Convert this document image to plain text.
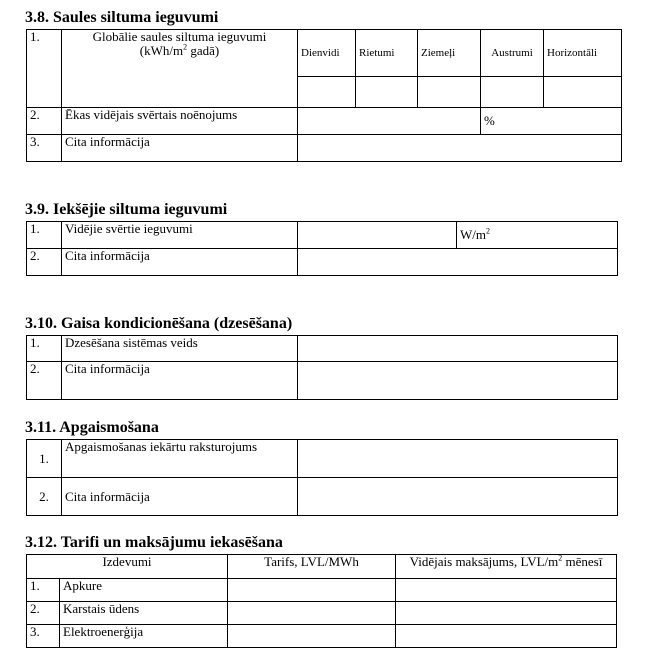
3.8. Saules siltuma ieguvumi
1.	Globālie saules siltuma ieguvumi
($kWh/m^2$ gadā)	Dienvidi	Rietumi	Ziemeļi	Austrumi	Horizontāli

2.	Ēkas vidējais svērtais noēnojums				%	
3.	Cita informācija					
3.9. Iekšējie siltuma ieguvumi
1.	Vidējie svērtie ieguvumi		$W/m^2$
2.	Cita informācija		
3.10. Gaisa kondicionēšana (dzesēšana)
1.	Dzesēšana sistēmas veids	
2.	Cita informācija	
3.11. Apgaismošana
1.	Apgaismošanas iekārtu raksturojums	
2.	Cita informācija	
3.12. Tarifi un maksājumu iekasēšana
Izdevumi		Tarifs, LVL/MWh	Vidējais maksājums, LVL/$m^2$ mēnesī
1.	Apkure		
2.	Karstais ūdens		
3.	Elektroenerģija		
